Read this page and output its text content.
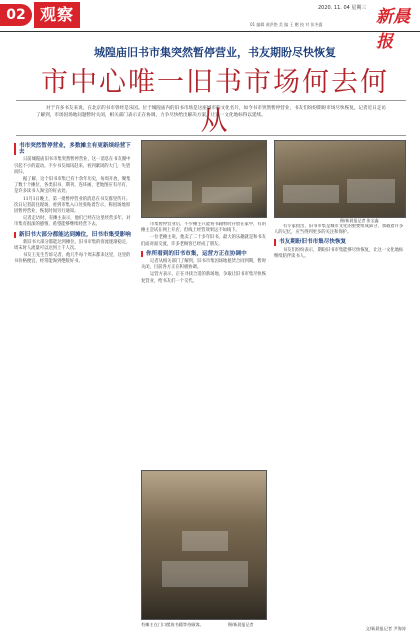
02 观察
01 编辑 曲洪艳 美 编 王 鹏 校 对 张冬露
2020. 11. 04 星期三 新晨报
城隍庙旧书市集突然暂停营业，书友期盼尽快恢复
市中心唯一旧书市场何去何从
对于许多书友来说，在北京的书市曾经是乐园。位于城隍庙内的旧书市场是这座城市的文化名片，如今书市突然暂停营业，书友们纷纷期盼市场尽快恢复。记者近日走访了解到，市场因场地问题暂时关闭，相关部门表示正在协调，力争尽快给出解决方案，让这一文化地标得以延续。
书市突然暂停营业，多数摊主有更新续经营下去

日前城隍庙旧书市集突然暂停营业，这一消息在书友圈中引起不小的震动。不少书友闻讯赶来，看到紧闭的大门，失望而归。

据了解，这个旧书市集已有十余年历史，每周开放，聚集了数十个摊位，各类旧书、期刊、连环画、老地图应有尽有，是许多读书人淘宝的好去处。

11月1日晚上，第一批暂停营业的消息在书友群里传开。次日记者前往现场，看到市集入口处张贴着告示，称因场地原因暂停营业，恢复时间另行通知。

记者走访时，有摊主表示，他们已经在这里经营多年，对市集有很深的感情，希望能够继续经营下去。

新旧书大部分都能达到摊位，旧书市集受影响

新旧书大部分都能达到摊位，旧书市集的客流逐渐稳定，周末时人流量可以达到上千人次。

书友王先生告诉记者，他几乎每个周末都来这里，这里的书价格便宜，经常能淘到绝版好书。

市集暂停营业后，不少摊主只能将书籍暂时存放在家中，有的摊主尝试在网上开店，但线上经营效果远不如线下。

一位老摊主说，他卖了二十多年旧书，最大的乐趣就是和书友们面对面交流，许多老顾客已经成了朋友。

你所看到的旧书市集，运营方正在协调中

记者从相关部门了解到，旧书市集因场地租赁合同到期，暂时关闭，目前各方正在积极协调。

运营方表示，正在寻找合适的新场地，争取让旧书市集尽快恢复营业，给书友们一个交代。

有专家指出，旧书市集是城市文化的重要组成部分，承载着许多人的记忆，应当得到更多的关注和保护。

书友期盼旧书市集尽快恢复

书友们纷纷表示，期盼旧书市集能够尽快恢复，让这一文化地标继续陪伴读书人。

摄/新晨报记者 张宝鑫
有摊主在门口摆放书籍等待顾客。	摄/新晨报记者
文/新晨报记者 尹海涛
